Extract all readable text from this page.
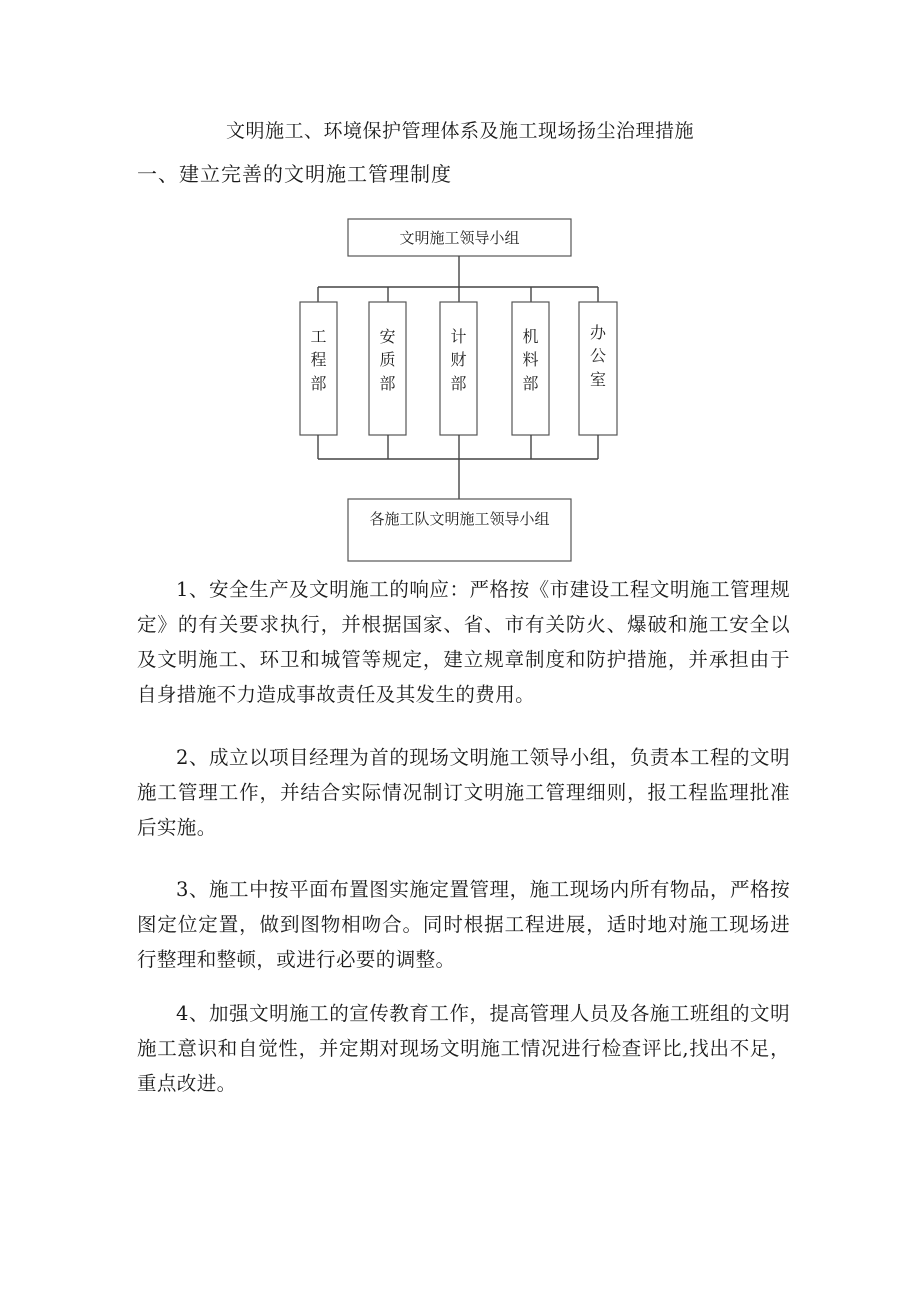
文明施工、环境保护管理体系及施工现场扬尘治理措施
一、建立完善的文明施工管理制度
文明施工领导小组
工
程
部
安
质
部
计
财
部
机
料
部
办
公
室
各施工队文明施工领导小组

1、安全生产及文明施工的响应：严格按《市建设工程文明施工管理规定》的有关要求执行，并根据国家、省、市有关防火、爆破和施工安全以及文明施工、环卫和城管等规定，建立规章制度和防护措施，并承担由于自身措施不力造成事故责任及其发生的费用。

2、成立以项目经理为首的现场文明施工领导小组，负责本工程的文明施工管理工作，并结合实际情况制订文明施工管理细则，报工程监理批准后实施。

3、施工中按平面布置图实施定置管理，施工现场内所有物品，严格按图定位定置，做到图物相吻合。同时根据工程进展，适时地对施工现场进行整理和整顿，或进行必要的调整。

4、加强文明施工的宣传教育工作，提高管理人员及各施工班组的文明施工意识和自觉性，并定期对现场文明施工情况进行检查评比,找出不足，重点改进。
